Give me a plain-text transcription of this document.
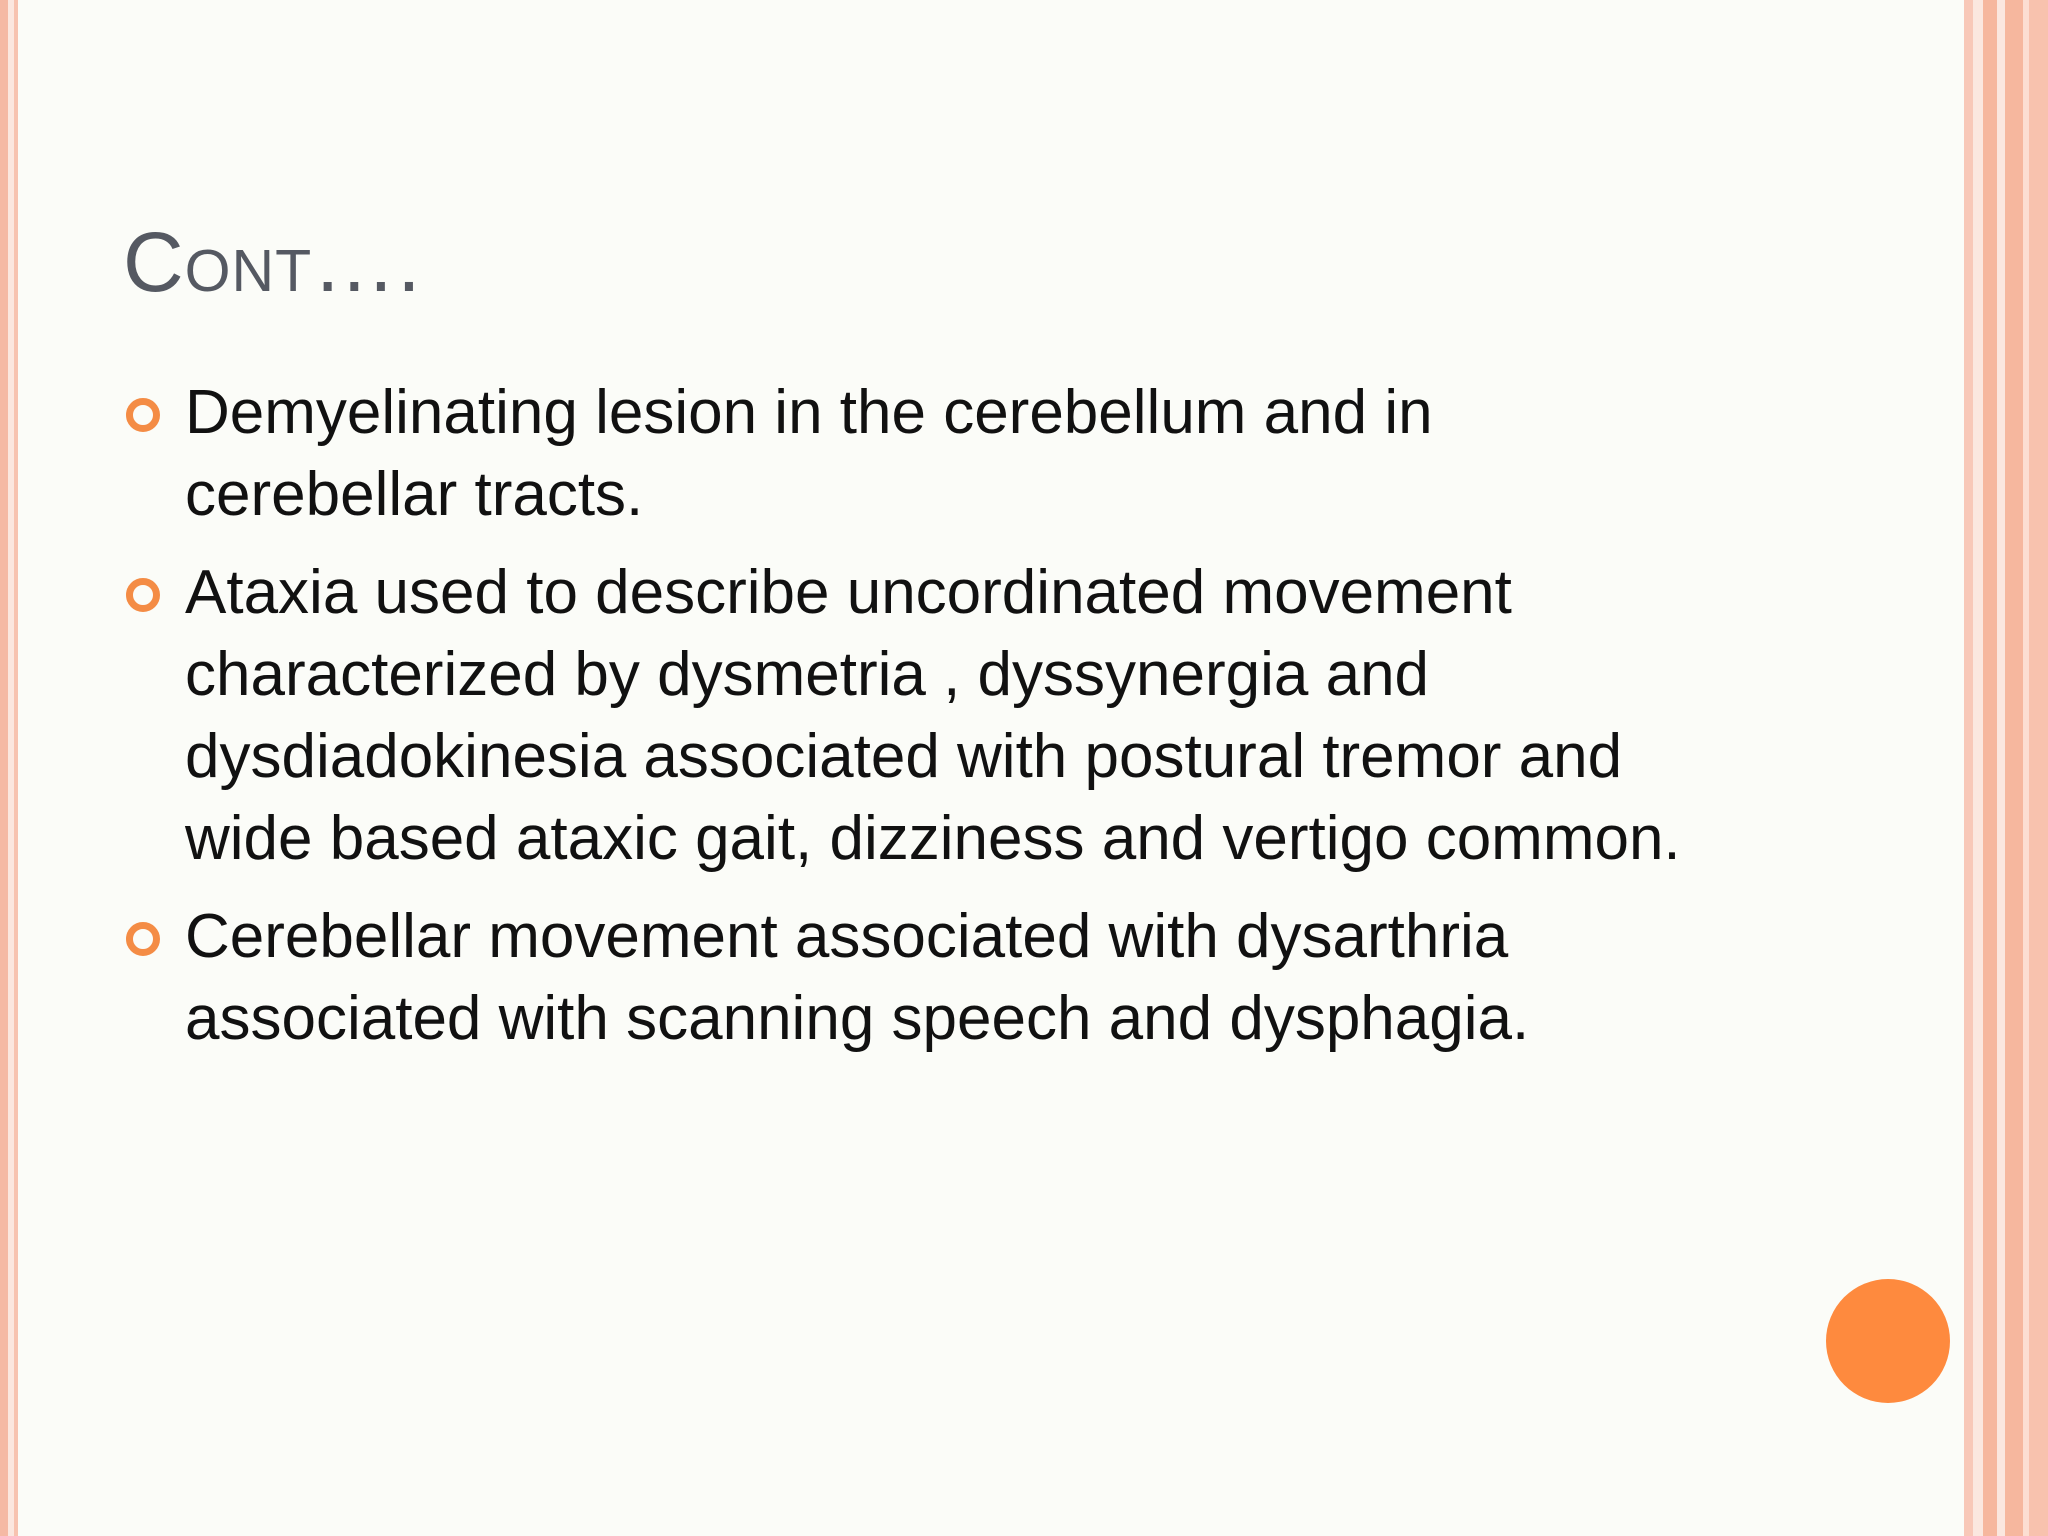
Cont….
Demyelinating lesion in the cerebellum and in cerebellar tracts.
Ataxia used to describe uncordinated movement characterized by dysmetria , dyssynergia and dysdiadokinesia associated with postural tremor and wide based ataxic gait, dizziness and vertigo common.
Cerebellar movement associated with dysarthria associated with scanning speech and dysphagia.
